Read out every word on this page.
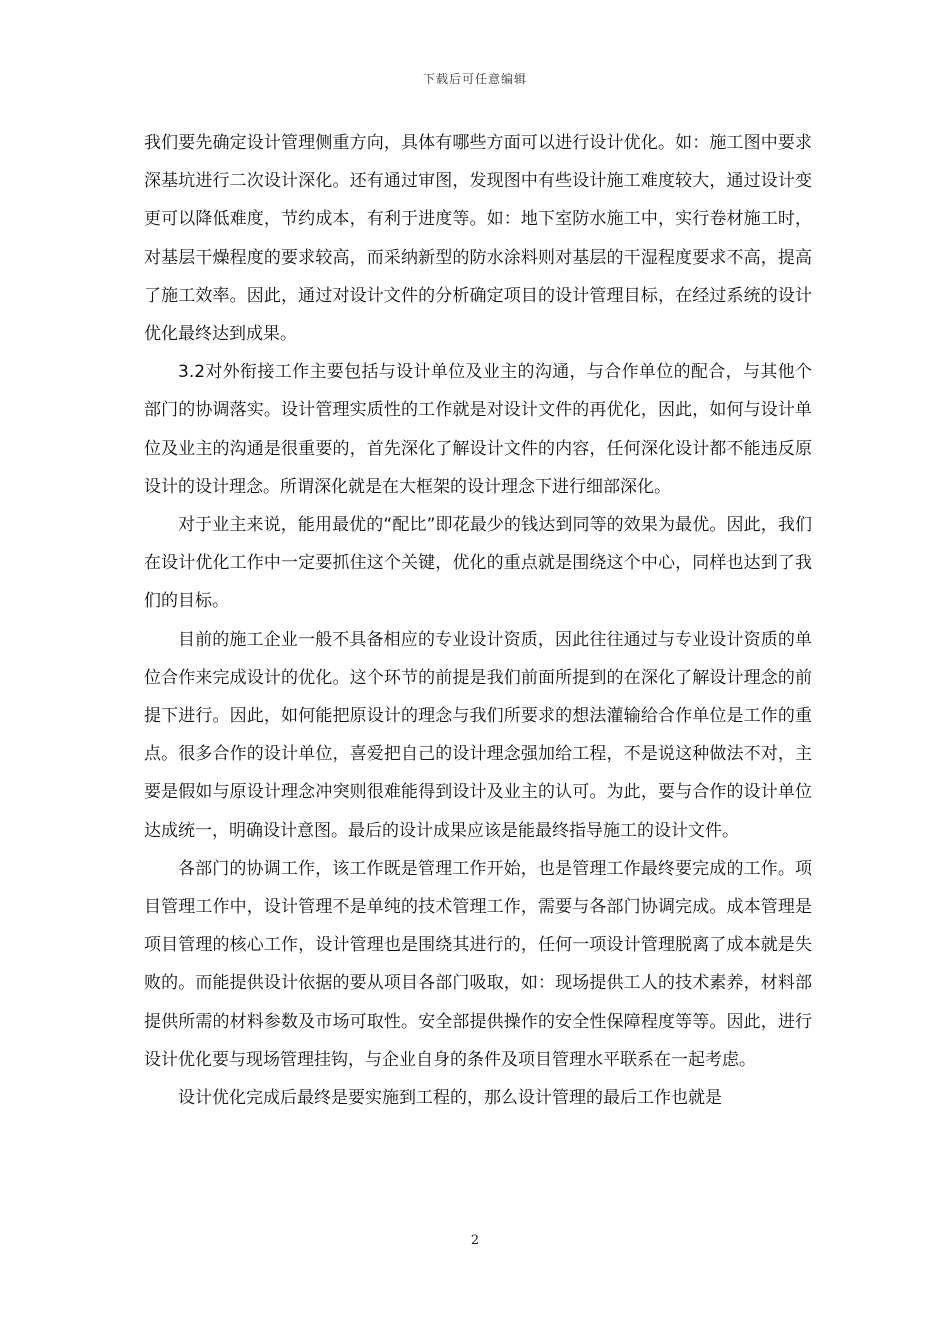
下载后可任意编辑

我们要先确定设计管理侧重方向，具体有哪些方面可以进行设计优化。如：施工图中要求深基坑进行二次设计深化。还有通过审图，发现图中有些设计施工难度较大，通过设计变更可以降低难度，节约成本，有利于进度等。如：地下室防水施工中，实行卷材施工时，对基层干燥程度的要求较高，而采纳新型的防水涂料则对基层的干湿程度要求不高，提高了施工效率。因此，通过对设计文件的分析确定项目的设计管理目标，在经过系统的设计优化最终达到成果。

3.2对外衔接工作主要包括与设计单位及业主的沟通，与合作单位的配合，与其他个部门的协调落实。设计管理实质性的工作就是对设计文件的再优化，因此，如何与设计单位及业主的沟通是很重要的，首先深化了解设计文件的内容，任何深化设计都不能违反原设计的设计理念。所谓深化就是在大框架的设计理念下进行细部深化。

对于业主来说，能用最优的“配比”即花最少的钱达到同等的效果为最优。因此，我们在设计优化工作中一定要抓住这个关键，优化的重点就是围绕这个中心，同样也达到了我们的目标。

目前的施工企业一般不具备相应的专业设计资质，因此往往通过与专业设计资质的单位合作来完成设计的优化。这个环节的前提是我们前面所提到的在深化了解设计理念的前提下进行。因此，如何能把原设计的理念与我们所要求的想法灌输给合作单位是工作的重点。很多合作的设计单位，喜爱把自己的设计理念强加给工程，不是说这种做法不对，主要是假如与原设计理念冲突则很难能得到设计及业主的认可。为此，要与合作的设计单位达成统一，明确设计意图。最后的设计成果应该是能最终指导施工的设计文件。

各部门的协调工作，该工作既是管理工作开始，也是管理工作最终要完成的工作。项目管理工作中，设计管理不是单纯的技术管理工作，需要与各部门协调完成。成本管理是项目管理的核心工作，设计管理也是围绕其进行的，任何一项设计管理脱离了成本就是失败的。而能提供设计依据的要从项目各部门吸取，如：现场提供工人的技术素养，材料部提供所需的材料参数及市场可取性。安全部提供操作的安全性保障程度等等。因此，进行设计优化要与现场管理挂钩，与企业自身的条件及项目管理水平联系在一起考虑。

设计优化完成后最终是要实施到工程的，那么设计管理的最后工作也就是

2
